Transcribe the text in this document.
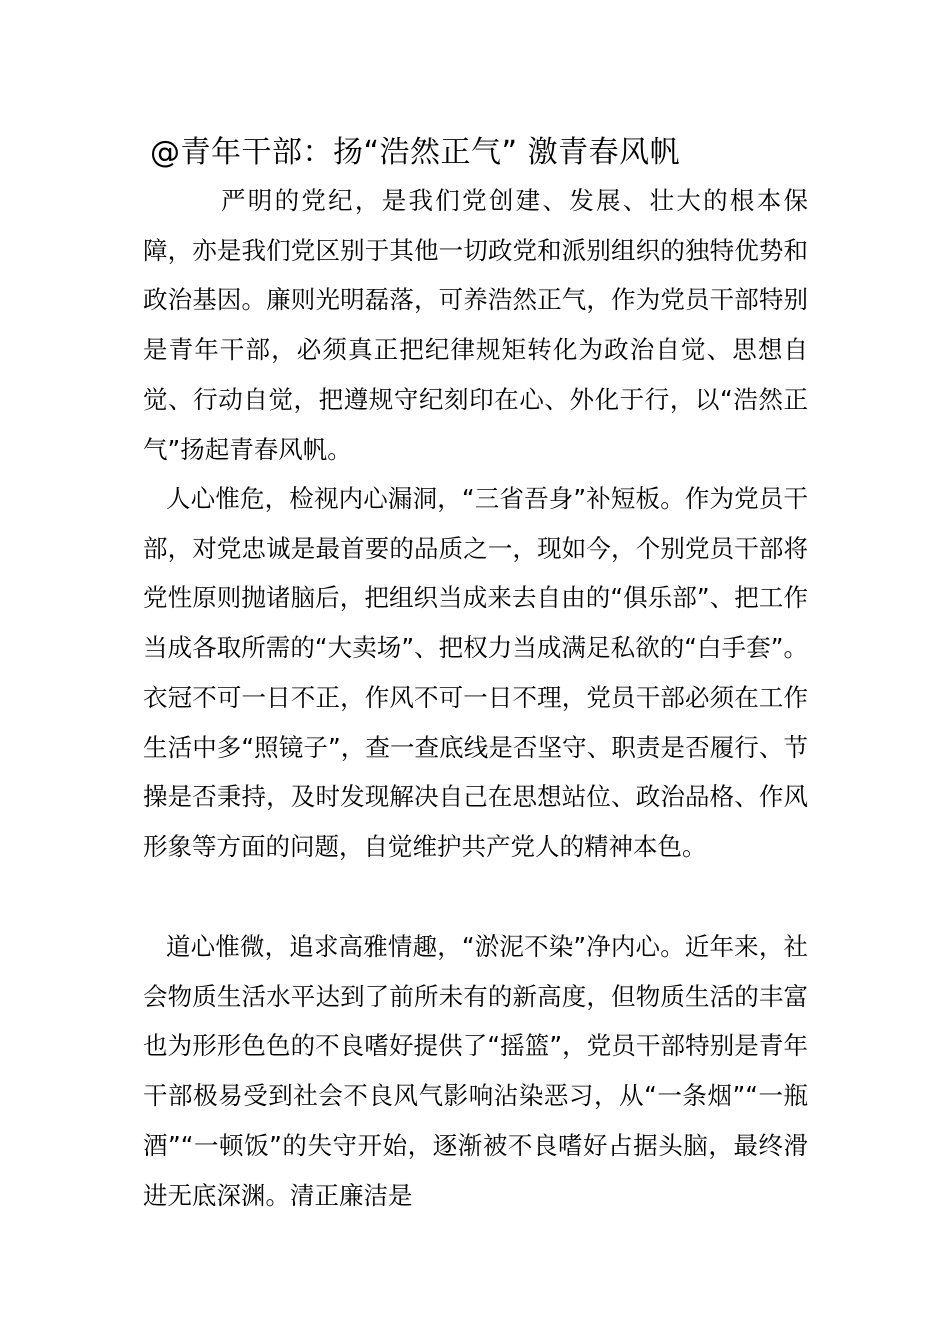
@青年干部：扬“浩然正气” 激青春风帆

严明的党纪，是我们党创建、发展、壮大的根本保障，亦是我们党区别于其他一切政党和派别组织的独特优势和政治基因。廉则光明磊落，可养浩然正气，作为党员干部特别是青年干部，必须真正把纪律规矩转化为政治自觉、思想自觉、行动自觉，把遵规守纪刻印在心、外化于行，以“浩然正气”扬起青春风帆。

人心惟危，检视内心漏洞，“三省吾身”补短板。作为党员干部，对党忠诚是最首要的品质之一，现如今，个别党员干部将党性原则抛诸脑后，把组织当成来去自由的“俱乐部”、把工作当成各取所需的“大卖场”、把权力当成满足私欲的“白手套”。衣冠不可一日不正，作风不可一日不理，党员干部必须在工作生活中多“照镜子”，查一查底线是否坚守、职责是否履行、节操是否秉持，及时发现解决自己在思想站位、政治品格、作风形象等方面的问题，自觉维护共产党人的精神本色。

道心惟微，追求高雅情趣，“淤泥不染”净内心。近年来，社会物质生活水平达到了前所未有的新高度，但物质生活的丰富也为形形色色的不良嗜好提供了“摇篮”，党员干部特别是青年干部极易受到社会不良风气影响沾染恶习，从“一条烟”“一瓶酒”“一顿饭”的失守开始，逐渐被不良嗜好占据头脑，最终滑进无底深渊。清正廉洁是
